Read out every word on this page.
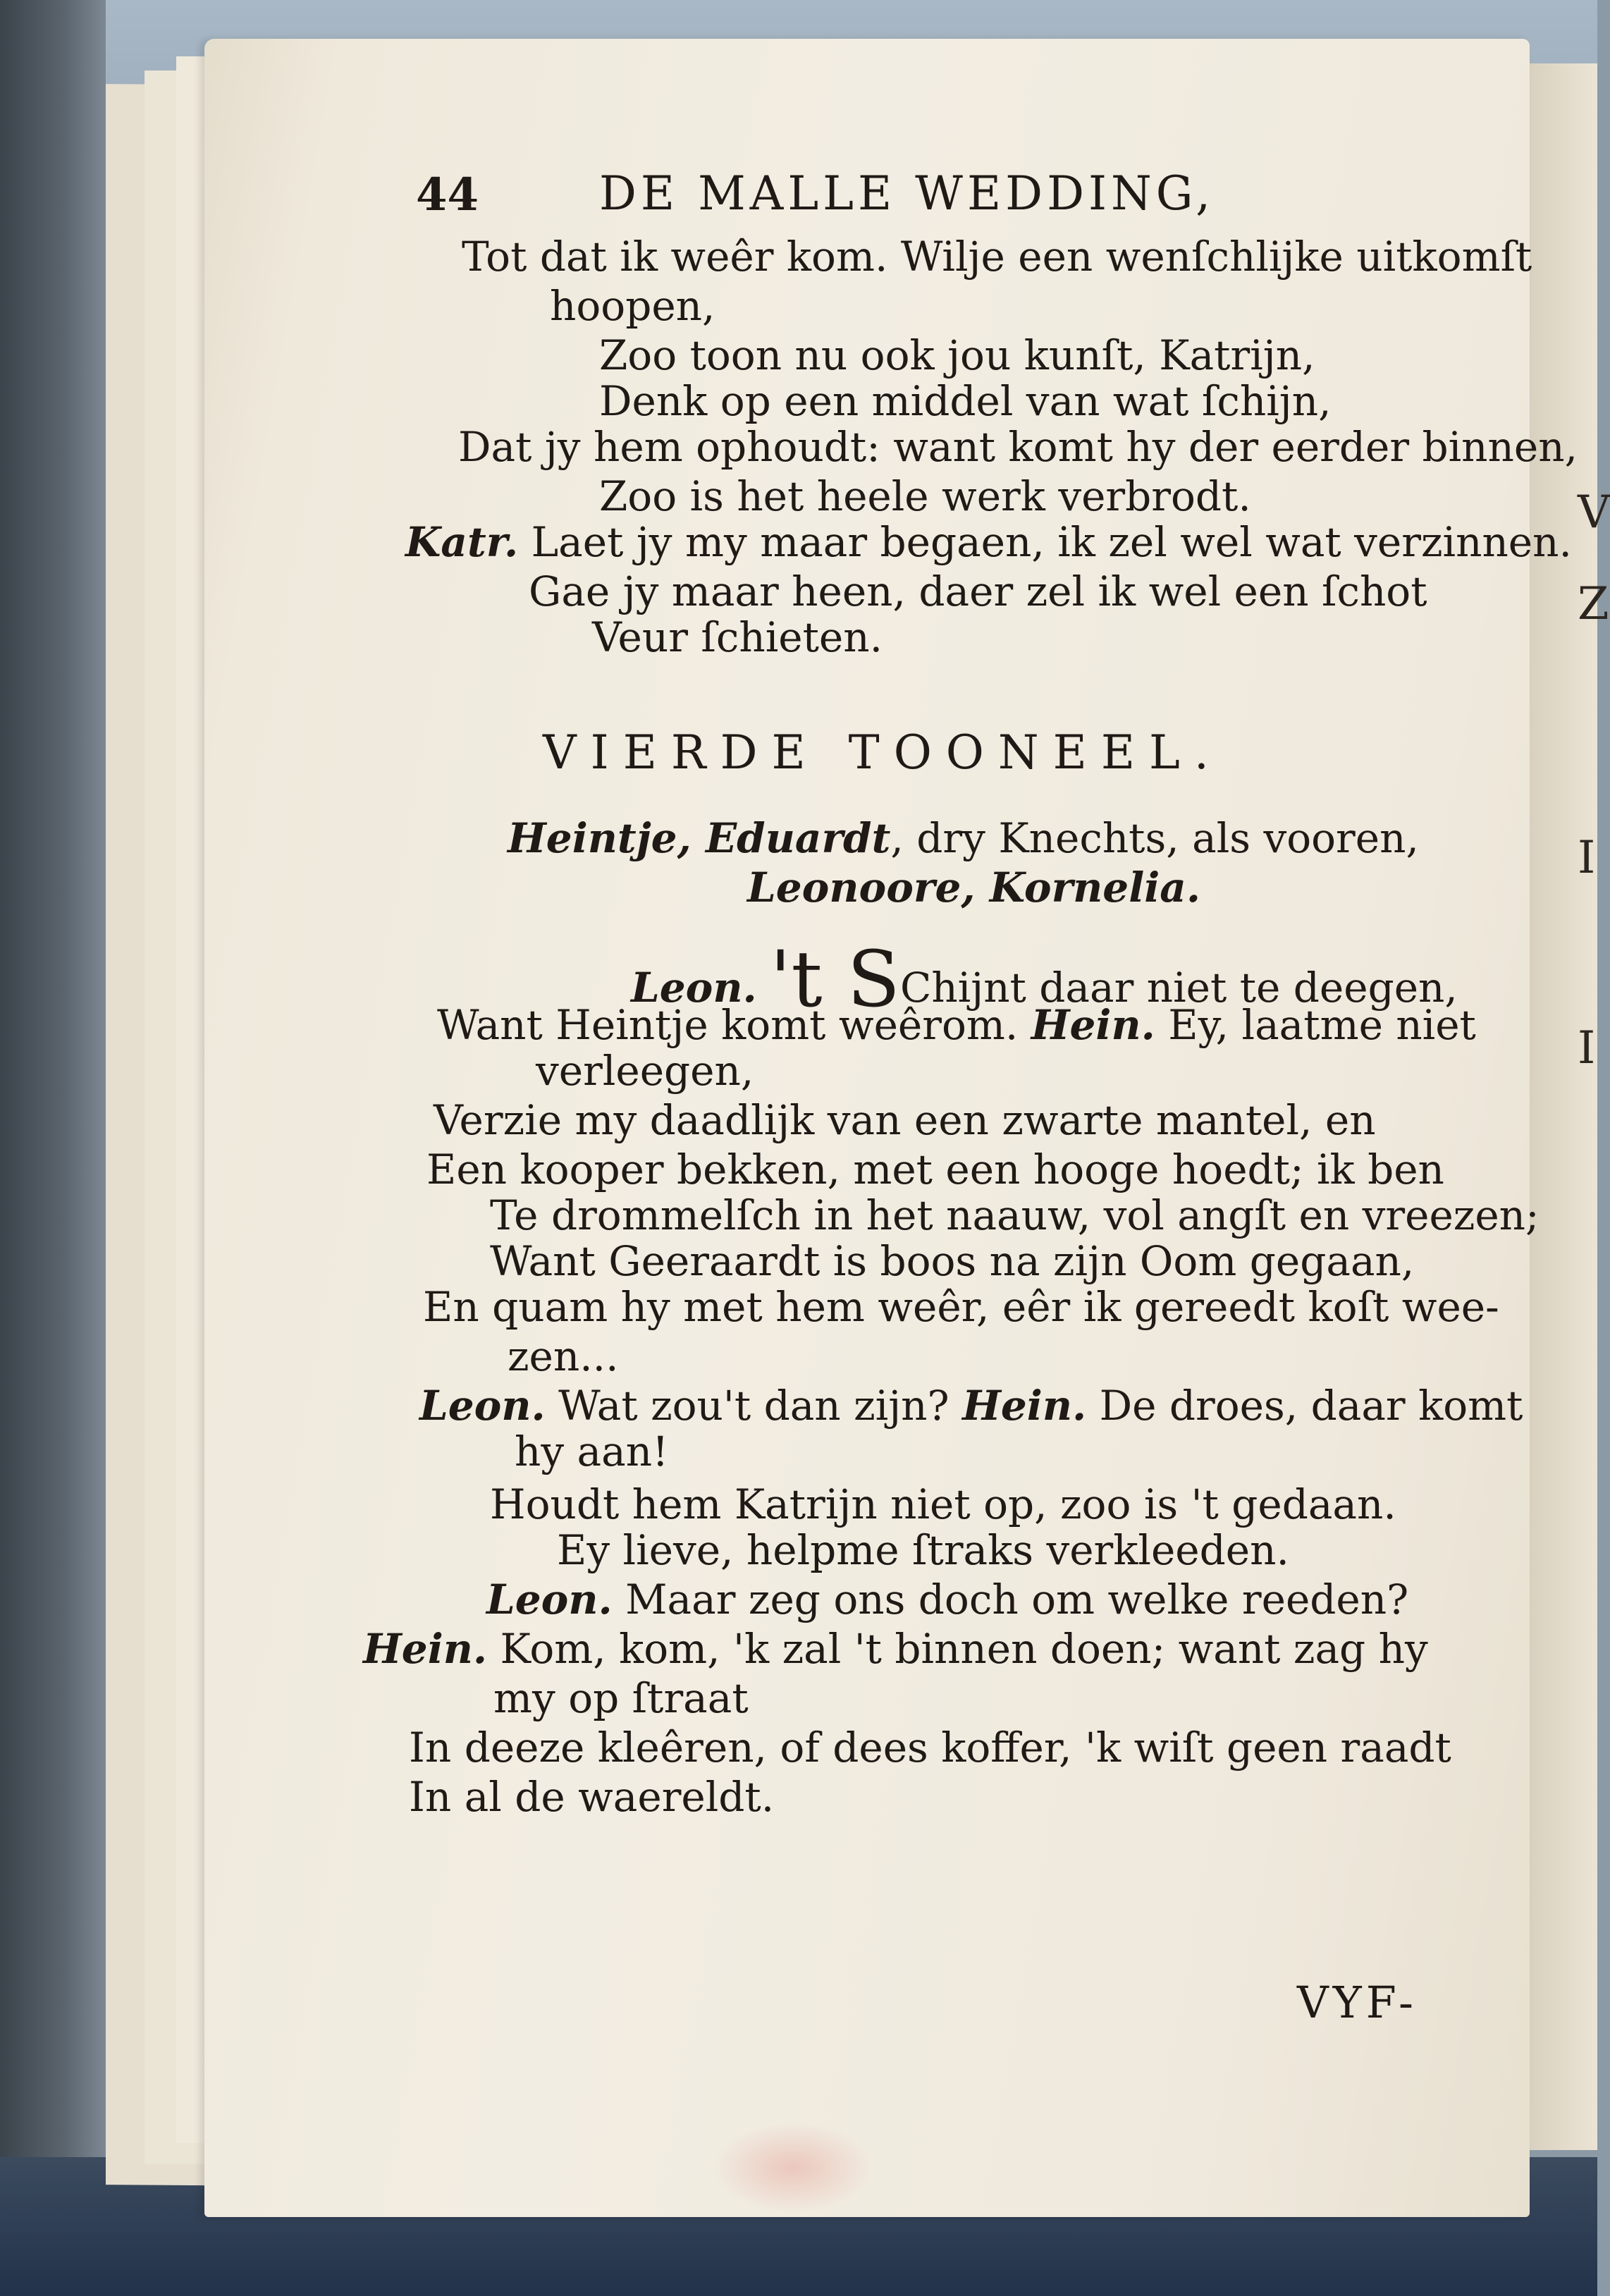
V
Z
I
I
44	DE MALLE WEDDING,
Tot dat ik weêr kom. Wilje een wenſchlijke uitkomſt
hoopen,
Zoo toon nu ook jou kunſt, Katrijn,
Denk op een middel van wat ſchijn,
Dat jy hem ophoudt: want komt hy der eerder binnen,
Zoo is het heele werk verbrodt.
Katr. Laet jy my maar begaen, ik zel wel wat verzinnen.
Gae jy maar heen, daer zel ik wel een ſchot
Veur ſchieten.
VIERDE TOONEEL.
Heintje, Eduardt, dry Knechts, als vooren,
Leonoore, Kornelia.
Leon. 't SChijnt daar niet te deegen,
Want Heintje komt weêrom. Hein. Ey, laatme niet
verleegen,
Verzie my daadlijk van een zwarte mantel, en
Een kooper bekken, met een hooge hoedt; ik ben
Te drommelſch in het naauw, vol angſt en vreezen;
Want Geeraardt is boos na zijn Oom gegaan,
En quam hy met hem weêr, eêr ik gereedt koſt wee-
zen...
Leon. Wat zou't dan zijn? Hein. De droes, daar komt
hy aan!
Houdt hem Katrijn niet op, zoo is 't gedaan.
Ey lieve, helpme ſtraks verkleeden.
Leon. Maar zeg ons doch om welke reeden?
Hein. Kom, kom, 'k zal 't binnen doen; want zag hy
my op ſtraat
In deeze kleêren, of dees koffer, 'k wiſt geen raadt
In al de waereldt.
VYF-
